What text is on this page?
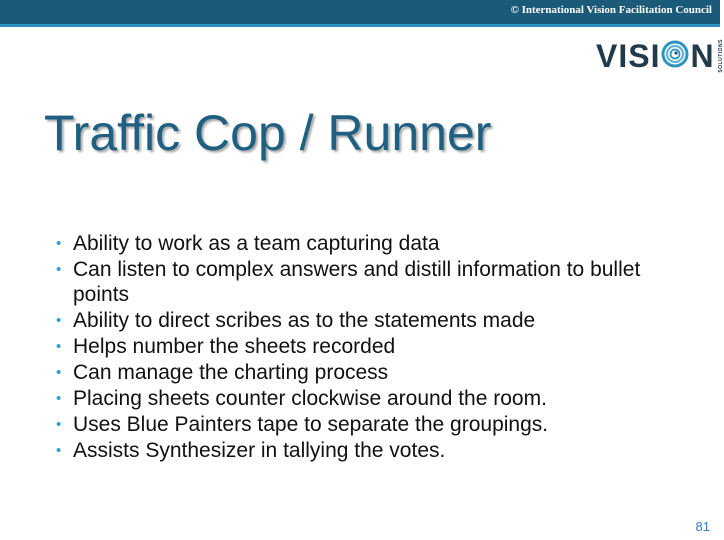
© International Vision Facilitation Council
VISI N SOLUTIONS
Traffic Cop / Runner
• Ability to work as a team capturing data
• Can listen to complex answers and distill information to bullet points
• Ability to direct scribes as to the statements made
• Helps number the sheets recorded
• Can manage the charting process
• Placing sheets counter clockwise around the room.
• Uses Blue Painters tape to separate the groupings.
• Assists Synthesizer in tallying the votes.
81
